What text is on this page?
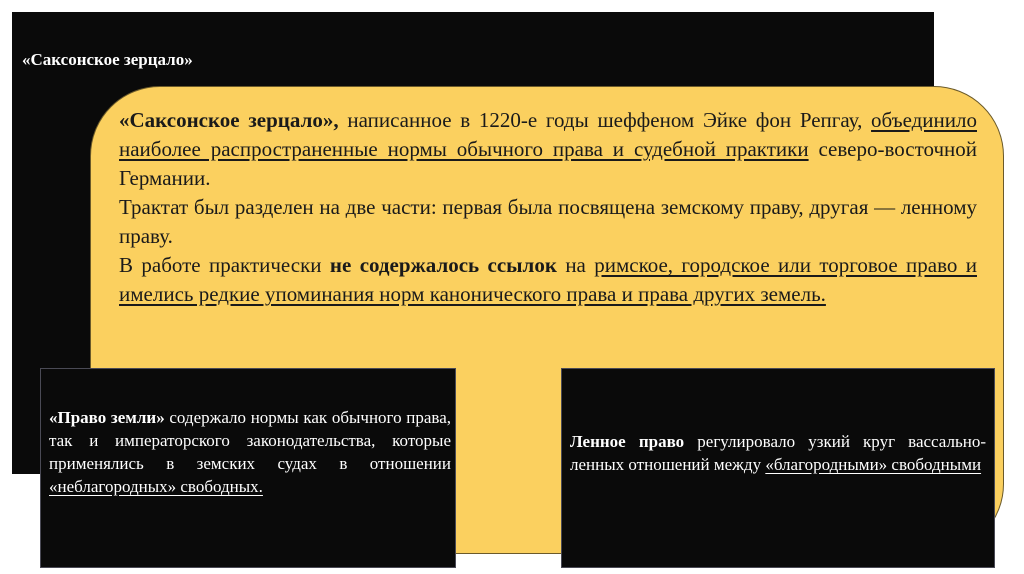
«Саксонское зерцало»

«Саксонское зерцало», написанное в 1220-е годы шеффеном Эйке фон Репгау, объединило наиболее распространенные нормы обычного права и судебной практики северо-восточной Германии.

Трактат был разделен на две части: первая была посвящена земскому праву, другая — ленному праву.

В работе практически не содержалось ссылок на римское, городское или торговое право и имелись редкие упоминания норм канонического права и права других земель.

«Право земли» содержало нормы как обычного права, так и императорского законодательства, которые применялись в земских судах в отношении «неблагородных» свободных.
Ленное право регулировало узкий круг вассально-ленных отношений между «благородными» свободными
